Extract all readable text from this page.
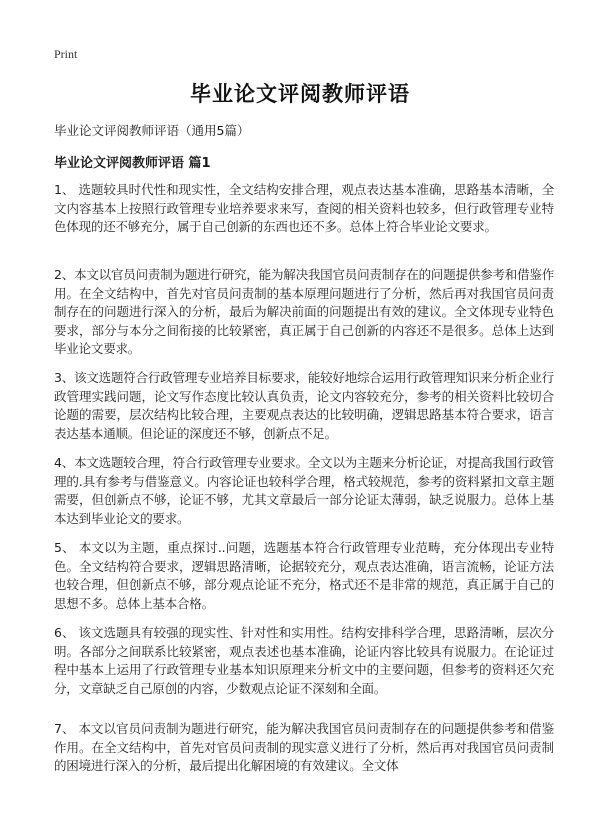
Print
毕业论文评阅教师评语
毕业论文评阅教师评语（通用5篇）
毕业论文评阅教师评语 篇1

1、 选题较具时代性和现实性，全文结构安排合理，观点表达基本准确，思路基本清晰，全文内容基本上按照行政管理专业培养要求来写，查阅的相关资料也较多，但行政管理专业特色体现的还不够充分，属于自己创新的东西也还不多。总体上符合毕业论文要求。

2、本文以官员问责制为题进行研究，能为解决我国官员问责制存在的问题提供参考和借鉴作用。在全文结构中，首先对官员问责制的基本原理问题进行了分析，然后再对我国官员问责制存在的问题进行深入的分析，最后为解决前面的问题提出有效的建议。全文体现专业特色要求，部分与本分之间衔接的比较紧密，真正属于自己创新的内容还不是很多。总体上达到毕业论文要求。

3、该文选题符合行政管理专业培养目标要求，能较好地综合运用行政管理知识来分析企业行政管理实践问题，论文写作态度比较认真负责，论文内容较充分，参考的相关资料比较切合论题的需要，层次结构比较合理，主要观点表达的比较明确，逻辑思路基本符合要求，语言表达基本通顺。但论证的深度还不够，创新点不足。

4、本文选题较合理，符合行政管理专业要求。全文以为主题来分析论证，对提高我国行政管理的.具有参考与借鉴意义。内容论证也较科学合理，格式较规范，参考的资料紧扣文章主题需要，但创新点不够，论证不够，尤其文章最后一部分论证太薄弱，缺乏说服力。总体上基本达到毕业论文的要求。

5、 本文以为主题，重点探讨..问题，选题基本符合行政管理专业范畴，充分体现出专业特色。全文结构符合要求，逻辑思路清晰，论据较充分，观点表达准确，语言流畅，论证方法也较合理，但创新点不够，部分观点论证不充分，格式还不是非常的规范，真正属于自己的思想不多。总体上基本合格。

6、 该文选题具有较强的现实性、针对性和实用性。结构安排科学合理，思路清晰，层次分明。各部分之间联系比较紧密，观点表述也基本准确，论证内容比较具有说服力。在论证过程中基本上运用了行政管理专业基本知识原理来分析文中的主要问题，但参考的资料还欠充分，文章缺乏自己原创的内容，少数观点论证不深刻和全面。

7、 本文以官员问责制为题进行研究，能为解决我国官员问责制存在的问题提供参考和借鉴作用。在全文结构中，首先对官员问责制的现实意义进行了分析，然后再对我国官员问责制的困境进行深入的分析，最后提出化解困境的有效建议。全文体
